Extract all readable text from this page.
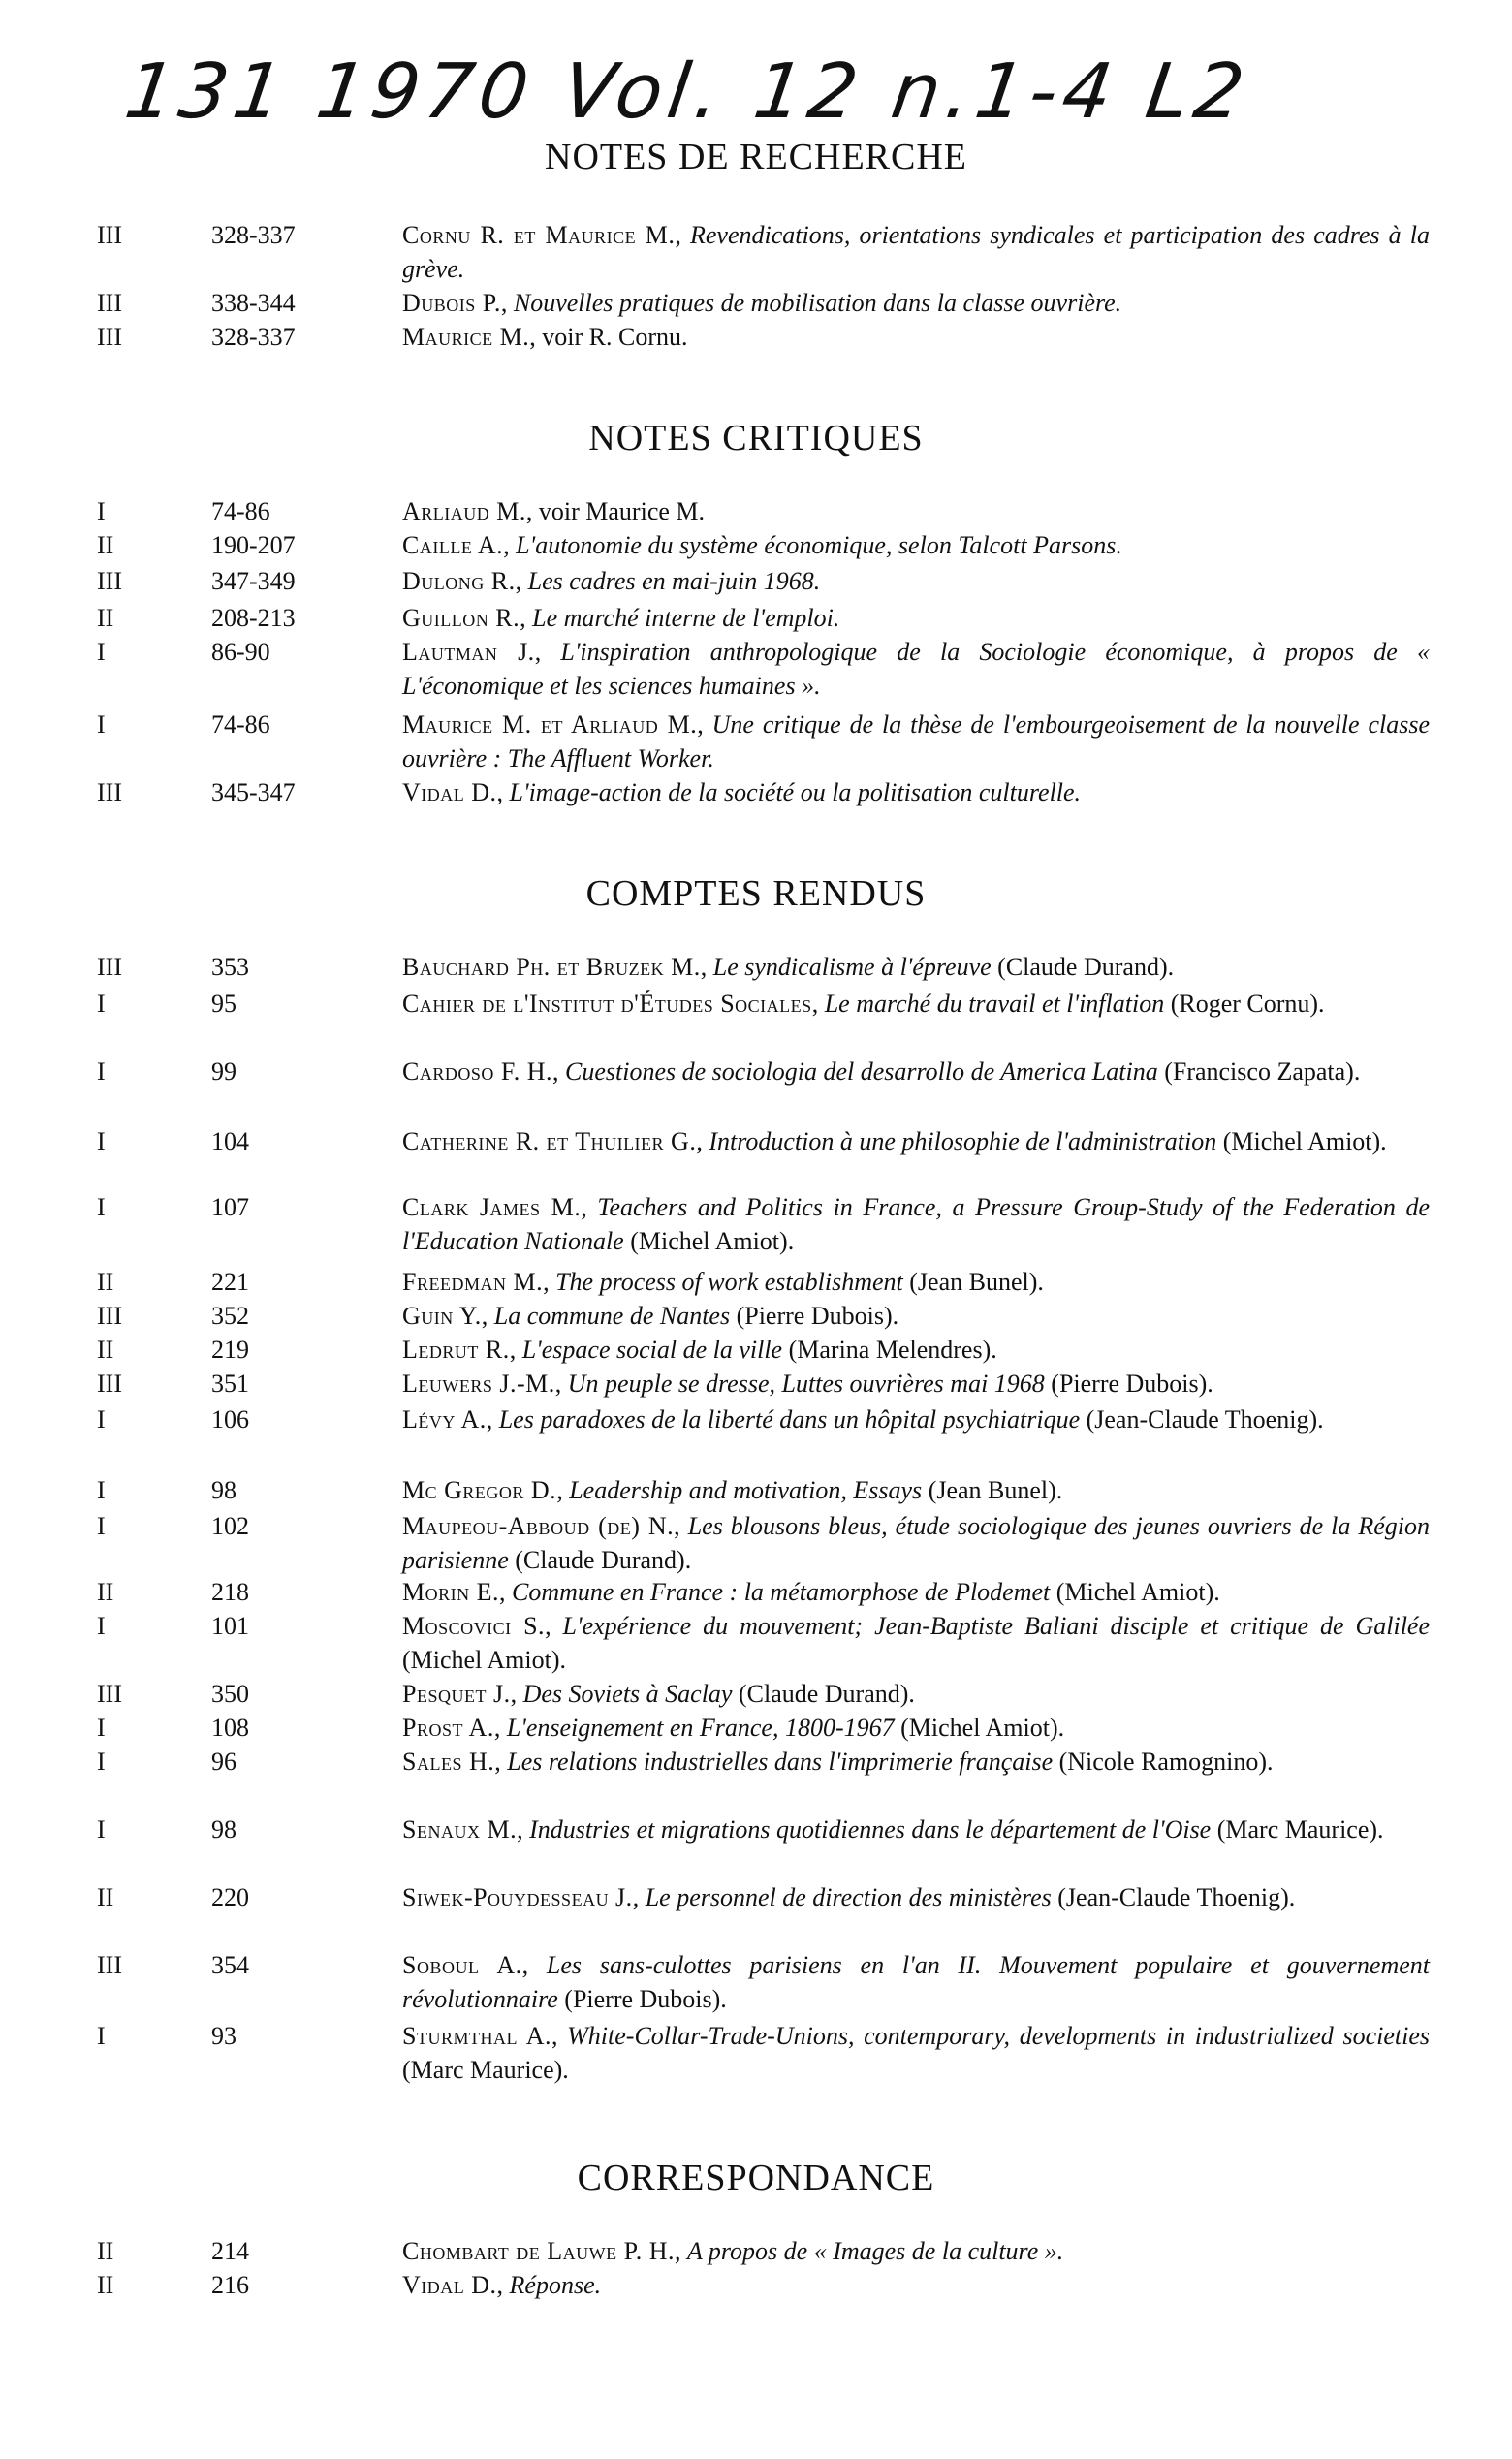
131 1970 Vol. 12 n.1-4 L2
NOTES DE RECHERCHE
III	328-337	Cornu R. et Maurice M., Revendications, orientations syndicales et participation des cadres à la grève.
III	338-344	Dubois P., Nouvelles pratiques de mobilisation dans la classe ouvrière.
III	328-337	Maurice M., voir R. Cornu.
NOTES CRITIQUES
I	74-86	Arliaud M., voir Maurice M.
II	190-207	Caille A., L'autonomie du système économique, selon Talcott Parsons.
III	347-349	Dulong R., Les cadres en mai-juin 1968.
II	208-213	Guillon R., Le marché interne de l'emploi.
I	86-90	Lautman J., L'inspiration anthropologique de la Sociologie économique, à propos de « L'économique et les sciences humaines ».
I	74-86	Maurice M. et Arliaud M., Une critique de la thèse de l'embourgeoisement de la nouvelle classe ouvrière : The Affluent Worker.
III	345-347	Vidal D., L'image-action de la société ou la politisation culturelle.
COMPTES RENDUS
III	353	Bauchard Ph. et Bruzek M., Le syndicalisme à l'épreuve (Claude Durand).
I	95	Cahier de l'Institut d'Études Sociales, Le marché du travail et l'inflation (Roger Cornu).
I	99	Cardoso F. H., Cuestiones de sociologia del desarrollo de America Latina (Francisco Zapata).
I	104	Catherine R. et Thuilier G., Introduction à une philosophie de l'administration (Michel Amiot).
I	107	Clark James M., Teachers and Politics in France, a Pressure Group-Study of the Federation de l'Education Nationale (Michel Amiot).
II	221	Freedman M., The process of work establishment (Jean Bunel).
III	352	Guin Y., La commune de Nantes (Pierre Dubois).
II	219	Ledrut R., L'espace social de la ville (Marina Melendres).
III	351	Leuwers J.-M., Un peuple se dresse, Luttes ouvrières mai 1968 (Pierre Dubois).
I	106	Lévy A., Les paradoxes de la liberté dans un hôpital psychiatrique (Jean-Claude Thoenig).
I	98	Mc Gregor D., Leadership and motivation, Essays (Jean Bunel).
I	102	Maupeou-Abboud (de) N., Les blousons bleus, étude sociologique des jeunes ouvriers de la Région parisienne (Claude Durand).
II	218	Morin E., Commune en France : la métamorphose de Plodemet (Michel Amiot).
I	101	Moscovici S., L'expérience du mouvement; Jean-Baptiste Baliani disciple et critique de Galilée (Michel Amiot).
III	350	Pesquet J., Des Soviets à Saclay (Claude Durand).
I	108	Prost A., L'enseignement en France, 1800-1967 (Michel Amiot).
I	96	Sales H., Les relations industrielles dans l'imprimerie française (Nicole Ramognino).
I	98	Senaux M., Industries et migrations quotidiennes dans le département de l'Oise (Marc Maurice).
II	220	Siwek-Pouydesseau J., Le personnel de direction des ministères (Jean-Claude Thoenig).
III	354	Soboul A., Les sans-culottes parisiens en l'an II. Mouvement populaire et gouvernement révolutionnaire (Pierre Dubois).
I	93	Sturmthal A., White-Collar-Trade-Unions, contemporary, developments in industrialized societies (Marc Maurice).
CORRESPONDANCE
II	214	Chombart de Lauwe P. H., A propos de « Images de la culture ».
II	216	Vidal D., Réponse.
